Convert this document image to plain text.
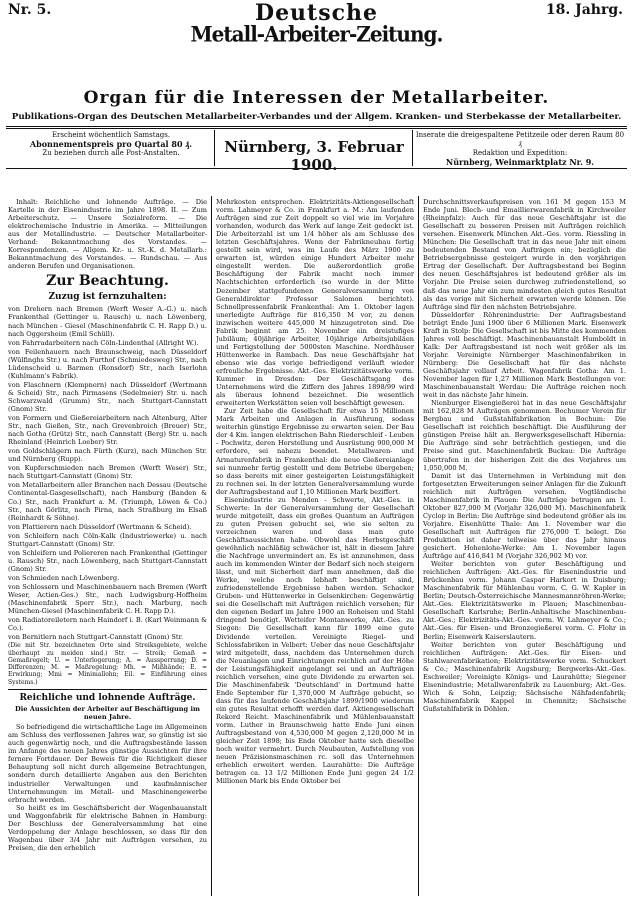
Nr. 5.	18. Jahrg.
Deutsche
Metall-Arbeiter-Zeitung.
Organ für die Interessen der Metallarbeiter.
Publikations-Organ des Deutschen Metallarbeiter-Verbandes und der Allgem. Kranken- und Sterbekasse der Metallarbeiter.
Erscheint wöchentlich Samstags.
Abonnementspreis pro Quartal 80 ₰.
Zu beziehen durch alle Post-Anstalten.	Nürnberg, 3. Februar 1900.
Inserate die dreigespaltene Petitzeile oder deren Raum 80 ₰
Redaktion und Expedition:
Nürnberg, Weinmarktplatz Nr. 9.

Inhalt: Reichliche und lohnende Aufträge. — Die Kartelle in der Eisenindustrie im Jahre 1898. II. — Zum Arbeiterschutz. — Unsere Sozialreform. — Die elektrochemische Industrie in Amerika. — Mitteilungen aus der Metallindustrie. — Deutscher Metallarbeiter-Verband: Bekanntmachung des Vorstandes. — Korrespondenzen. — Allgem. Kr.- u. St.-K. d. Metallarb.: Bekanntmachung des Vorstandes. — Rundschau. — Aus anderen Berufen und Organisationen.

Zur Beachtung.
Zuzug ist fernzuhalten:

von Drehern nach Bremen (Werft Weser A.-G.) u. nach Frankenthal (Gettinger u. Rausch) u. nach Löwenberg, nach München - Giesel (Maschinenfabrik C. H. Rapp D.) u. nach Oggersheim (Emil Schüll).

von Fahrradarbeitern nach Cöln-Lindenthal (Allright W.).

von Feilenhauern nach Braunschweig, nach Düsseldorf (Wülfinghs Str.) u. nach Furthof (Schmiedesweg) Str., nach Lüdenscheid u. Barmen (Ronsdorf) Str., nach Iserlohn (Kuhlmann's Fabrik).

von Flaschnern (Klempnern) nach Düsseldorf (Wertmann & Scheid) Str., nach Pirmasens (Sedelmeier) Str. u. nach Schwarzwald (Grumm) Str., nach Stuttgart-Cannstatt (Gnom) Str.

von Formern und Gießereiarbeitern nach Altenburg, Alter Str., nach Gießen, Str., nach Grevenbroich (Breuer) Str., nach Gotha (Grütz) Str., nach Cannstatt (Berg) Str. u. nach Rheinland (Heinrich Loeber) Str.

von Goldschlägern nach Fürth (Kurz), nach München Str. und Nürnberg (Rupp).

von Kupferschmieden nach Bremen (Werft Weser) Str., nach Stuttgart-Cannstatt (Gnom) Str.

von Metallarbeitern aller Branchen nach Dessau (Deutsche Continental-Gasgesellschaft), nach Hamburg (Banden & Co.) Str., nach Frankfurt a. M. (Triumph, Löwen & Co.) Str., nach Görlitz, nach Pirna, nach Straßburg im Elsaß (Reinhardt & Söhne).

von Plattierern nach Düsseldorf (Wertmann & Scheid).

von Schleifern nach Cöln-Kalk (Industriewerke) u. nach Stuttgart-Cannstatt (Gnom) Str.

von Schleifern und Poliereren nach Frankenthal (Gettinger u. Rausch) Str., nach Löwenberg, nach Stuttgart-Cannstatt (Gnom) Str.

von Schmieden nach Löwenberg.

von Schlossern und Maschinenbauern nach Bremen (Werft Weser, Actien-Ges.) Str., nach Ludwigsburg-Hoffheim (Maschinenfabrik Sperr Str.), nach Marburg, nach München-Giesel (Maschinenfabrik C. H. Rapp D.).

von Radiatoreiletern nach Haindorf i. B. (Karl Weinmann & Co.).

von Bernitlern nach Stuttgart-Cannstatt (Gnom) Str.

(Die mit Str. bezeichneten Orte sind Streiksgebiete, welche überhaupt zu meiden sind.) Str. — Streik; Gemaß = Gemaßregelt; U. = Unterlogerung; A. = Aussperrung; D. = Differenzen; M. = Maßregelung; Mh. = Mißhände; E. = Erwirkung; Mmi = Minimallohn; Eil. = Einführung eines Systems.)

Reichliche und lohnende Aufträge.

Die Aussichten der Arbeiter auf Beschäftigung im neuen Jahre.

So befriedigend die wirtschaftliche Lage im Allgemeinen am Schluss des verflossenen Jahres war, so günstig ist sie auch gegenwärtig noch, und die Auftragsbestände lassen im Anfange des neuen Jahres günstige Aussichten für ihre fernere Fortdauer. Der Beweis für die Richtigkeit dieser Behauptung soll nicht durch allgemeine Betrachtungen, sondern durch detaillierte Angaben aus den Berichten industrieller Verwaltungen und kaufmännischer Unternehmungen im Metall- und Maschinengewerbe erbracht werden.

So heißt es im Geschäftsbericht der Wagenbauanstalt und Waggonfabrik für elektrische Bahnen in Hamburg: Der Beschluss der Generalversammlung hat eine Verdoppelung der Anlage beschlossen, so dass für den Wagenbau über 3/4 Jahr mit Aufträgen versehen, zu Preisen, die den erheblich

Mehrkosten entsprechen. Elektrizitäts-Aktiengesellschaft vorm. Lahmeyer & Co. in Frankfurt a. M.: Am laufenden Aufträgen sind zur Zeit doppelt so viel wie im Vorjahre vorhanden, wodurch das Werk auf lange Zeit gedeckt ist. Die Arbeiterzahl ist um 1/4 höher als am Schlusse des letzten Geschäftsjahres. Wenn der Fabrikneubau fertig gestellt sein wird, was im Laufe des März 1900 zu erwarten ist, würden einige Hundert Arbeiter mehr eingestellt werden. Die außerordentlich große Beschäftigung der Fabrik macht noch immer Nachtschichten erforderlich (so wurde in der Mitte Dezember stattgefundenen Generalversammlung von Generaldirektor Professor Salomon berichtet). Schnellpressenfabrik Frankenthal: Am 1. Oktober lagen unerledigte Aufträge für 816,350 M vor, zu denen inzwischen weitere 445,000 M hinzugetreten sind. Die Fabrik beginnt am 25. November ein dreistufiges Jubiläum; 40jährige Arbeiter, 10jährige Arbeitsjubiläen und Fertigstellung der 5000sten Maschine. Nordhäuser Hüttenwerke in Rambach. Das neue Geschäftsjahr hat ebenso wie das vorige befriedigend verläuft wieder erfreuliche Ergebnisse. Akt.-Ges. Elektrizitätswerke vorm. Kummer in Dresden: Der Geschäftsgang des Unternehmens wird die Ziffern des Jahres 1898/99 wird als überaus lohnend bezeichnet. Die wesentlich erweiterten Werkstätten seien voll beschäftigt gewesen.

Zur Zeit habe die Gesellschaft für etwa 15 Millionen Mark Arbeiten und Anlagen in Ausführung, sodass weiterhin günstige Ergebnisse zu erwarten seien. Der Bau der 4 Km. langen elektrischen Bahn Riederschleif - Leuben - Pochwitz, deren Herstellung und Ausrüstung 900,000 M erfordere, sei nahezu beendet. Metallwaren- und Armaturenfabrik in Frankenthal: die neue Gießereianlage sei nunmehr fertig gestellt und dem Betriebe übergeben; so dass bereits mit einer gesteigerten Leistungsfähigkeit zu rechnen sei. In der letzten Generalversammlung wurde der Auftragsbestand auf 1,10 Millionen Mark beziffert.

Eisenindustrie zu Menden - Schwerte, Akt.-Ges. in Schwerte: In der Generalversammlung der Gesellschaft wurde mitgeteilt, dass ein großes Quantum an Aufträgen zu guten Preisen gebucht sei, wie sie selten zu verzeichnen waren und dass man gute Geschäftsaussichten habe. Obwohl das Herbstgeschäft gewöhnlich nachläßig schwächer ist, hält in diesem Jahre die Nachfrage unvermindert an. Es ist anzunehmen, dass auch im kommenden Winter der Bedarf sich noch steigern lässt, und mit Sicherheit darf man annehmen, daß die Werke, welche noch lebhaft beschäftigt sind, zufriedenstellende Ergebnisse haben werden. Schacker Gruben- und Hüttenwerke in Gelsenkirchen: Gegenwärtig sei die Gesellschaft mit Aufträgen reichlich versehen; für den eigenen Bedarf im Jahre 1900 an Roheisen und Stahl dringend benötigt. Wetteifer Montanwerke, Akt.-Ges. zu Siegen: Die Gesellschaft kann für 1899 eine gute Dividende verteilen. Vereinigte Riegel- und Schlossfabriken in Velbert: Ueber das neue Geschäftsjahr wird mitgeteilt, dass, nachdem das Unternehmen durch die Neuanlagen und Einrichtungen reichlich auf der Höhe der Leistungsfähigkeit angelangt sei und an Aufträgen reichlich versehen, eine gute Dividende zu erwarten sei. Die Maschinenfabrik 'Deutschland' in Dortmund hatte Ende September für 1,370,000 M Aufträge gebucht, so dass für das laufende Geschäftsjahr 1899/1900 wiederum ein gutes Resultat erhofft werden darf. Aktiengesellschaft Rekord Reicht. Maschinenfabrik und Mühlenbauanstalt vorm. Luther in Braunschweig hatte Ende Juni einen Auftragsbestand von 4,530,000 M gegen 2,120,000 M in gleicher Zeit 1898; bis Ende Oktober hatte sich dieselbe noch weiter vermehrt. Durch Neubauten, Aufstellung von neuen Präzisionsmaschinen rc. soll das Unternehmen erheblich erweitert werden. Laurahütte: Die Aufträge betragen ca. 13 1/2 Millionen Ende Juni gegen 24 1/2 Millionen Mark bis Ende Oktober bei

Durchschnittsverkaufspreisen von 161 M gegen 153 M Ende Juni. Blech- und Emaillierwarenfabrik in Kirchweiler (Rheinpfalz): Auch für das neue Geschäftsjahr ist die Gesellschaft zu besseren Preisen mit Aufträgen reichlich versehen. Eisenwerk München Akt.-Ges. vorm. Riessling in München: Die Gesellschaft trat in das neue Jahr mit einem bedeutenden Bestand von Aufträgen ein; bezüglich die Betriebsergebnisse gesteigert wurde in den vorjährigen Ertrag der Gesellschaft. Der Auftragsbestand bei Beginn des neuen Geschäftsjahres ist bedeutend größer als im Vorjahr. Die Preise seien durchweg zufriedenstellend, so daß das neue Jahr ein zum mindesten gleich gutes Resultat als das vorige mit Sicherheit erwarten werde können. Die Aufträge sind für den nächsten Betriebsjahre.

Düsseldorfer Röhrenindustrie: Der Auftragsbestand beträgt Ende Juni 1900 über 6 Millionen Mark. Eisenwerk Kraft in Stolp: Die Gesellschaft ist bis Mitte des kommenden Jahres voll beschäftigt. Maschinenbauanstalt Humboldt in Kalk: Der Auftragsbestand ist noch weit größer als im Vorjahr. Vereinigte Nürnberger Maschinenfabriken in Nürnberg: Die Gesellschaft hat für das nächste Geschäftsjahr vollauf Arbeit. Wagenfabrik Gotha: Am 1. November lagen für 1,27 Millionen Mark Bestellungen vor. Maschinenbauanstalt Werdau: Die Aufträge reichen noch weit in das nächste Jahr hinein.

Nienburger Eisengießerei hat in das neue Geschäftsjahr mit 162,828 M Aufträgen genommen. Bochumer Verein für Bergbau und Gußstahlfabrikation in Bochum: Die Gesellschaft ist reichlich beschäftigt. Die Ausführung der günstigen Preise hält an. Bergwerksgesellschaft Hibernia: Die Aufträge sind sehr beträchtlich gestiegen, und die Preise sind gut. Maschinenfabrik Buckau: Die Aufträge übertrafen in der bisherigen Zeit die des Vorjahres um 1,050,000 M.

Damit ist das Unternehmen in Verbindung mit den fortgesetzten Erweiterungen seiner Anlagen für die Zukunft reichlich mit Aufträgen versehen. Vogtländische Maschinenfabrik in Plauen: Die Aufträge betrugen am 1. Oktober 827,000 M (Vorjahr 326,000 M). Maschinenfabrik Cyclop in Berlin: Die Aufträge sind bedeutend größer als im Vorjahre. Eisenhütte Thale: Am 1. November war die Gesellschaft mit Aufträgen für 276,000 T. belegt. Die Produktion ist daher teilweise über das Jahr hinaus gesichert. Hohenlohe-Werke: Am 1. November lagen Aufträge auf 416,841 M (Vorjahr 326,902 M) vor.

Weiter berichten von guter Beschäftigung und reichlichen Aufträgen: Akt.-Ges. für Eisenindustrie und Brückenbau vorm. Johann Caspar Harkort in Duisburg; Maschinenfabrik für Mühlenbau vorm. C. G. W. Kapler in Berlin; Deutsch-Österreichische Mannesmannröhren-Werke; Akt.-Ges. Elektrizitätswerke in Plauen; Maschinenbau-Gesellschaft Karlsruhe; Berlin-Anhaltische Maschinenbau-Akt.-Ges.; Elektrizitäts-Akt.-Ges. vorm. W. Lahmeyer & Co.; Akt.-Ges. für Eisen- und Bronzegießerei vorm. C. Flohr in Berlin; Eisenwerk Kaiserslautern.

Weiter berichten von guter Beschäftigung und reichlichen Aufträgen: Akt.-Ges. für Eisen- und Stahlwarenfabrikation; Elektrizitätswerke vorm. Schuckert & Co.; Maschinenfabrik Augsburg; Bergwerks-Akt.-Ges. Eschweiler; Vereinigte Königs- und Laurahütte; Siegener Eisenindustrie; Metallwarenfabrik zu Lauenburg; Akt.-Ges. Wich & Sohn, Leipzig; Sächsische Nähfadenfabrik; Maschinenfabrik Kappel in Chemnitz; Sächsische Gußstahlfabrik in Döhlen.
